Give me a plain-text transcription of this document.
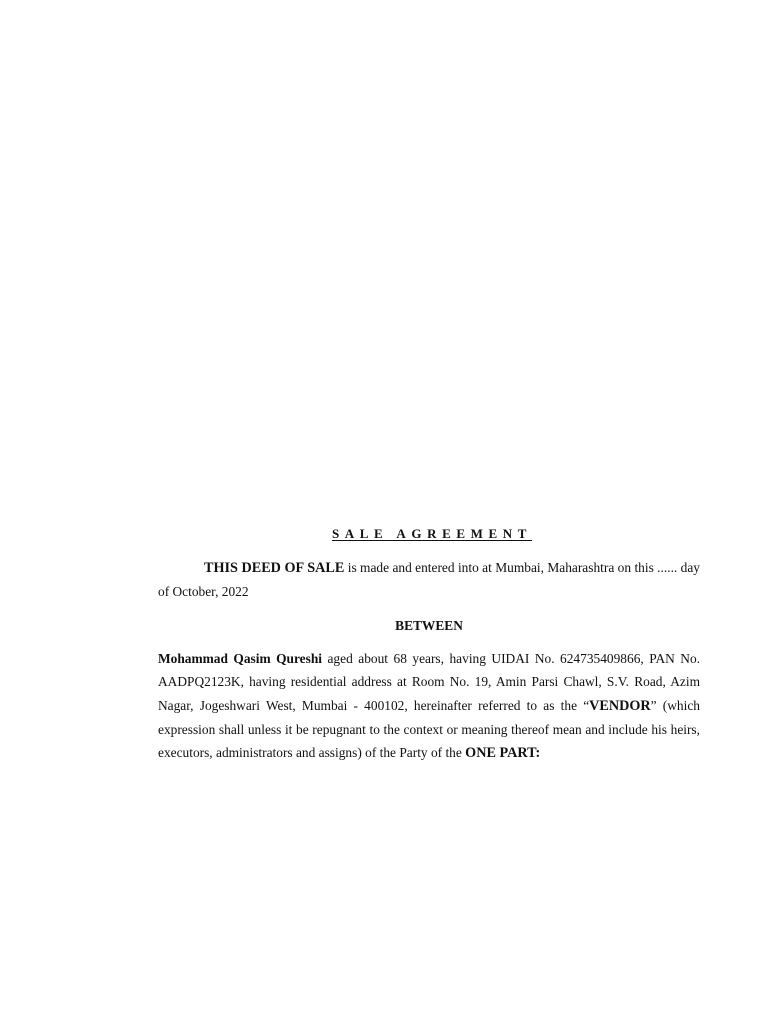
SALE AGREEMENT

THIS DEED OF SALE is made and entered into at Mumbai, Maharashtra on this ...... day of October, 2022

BETWEEN

Mohammad Qasim Qureshi aged about 68 years, having UIDAI No. 624735409866, PAN No. AADPQ2123K, having residential address at Room No. 19, Amin Parsi Chawl, S.V. Road, Azim Nagar, Jogeshwari West, Mumbai - 400102, hereinafter referred to as the “VENDOR” (which expression shall unless it be repugnant to the context or meaning thereof mean and include his heirs, executors, administrators and assigns) of the Party of the ONE PART:
